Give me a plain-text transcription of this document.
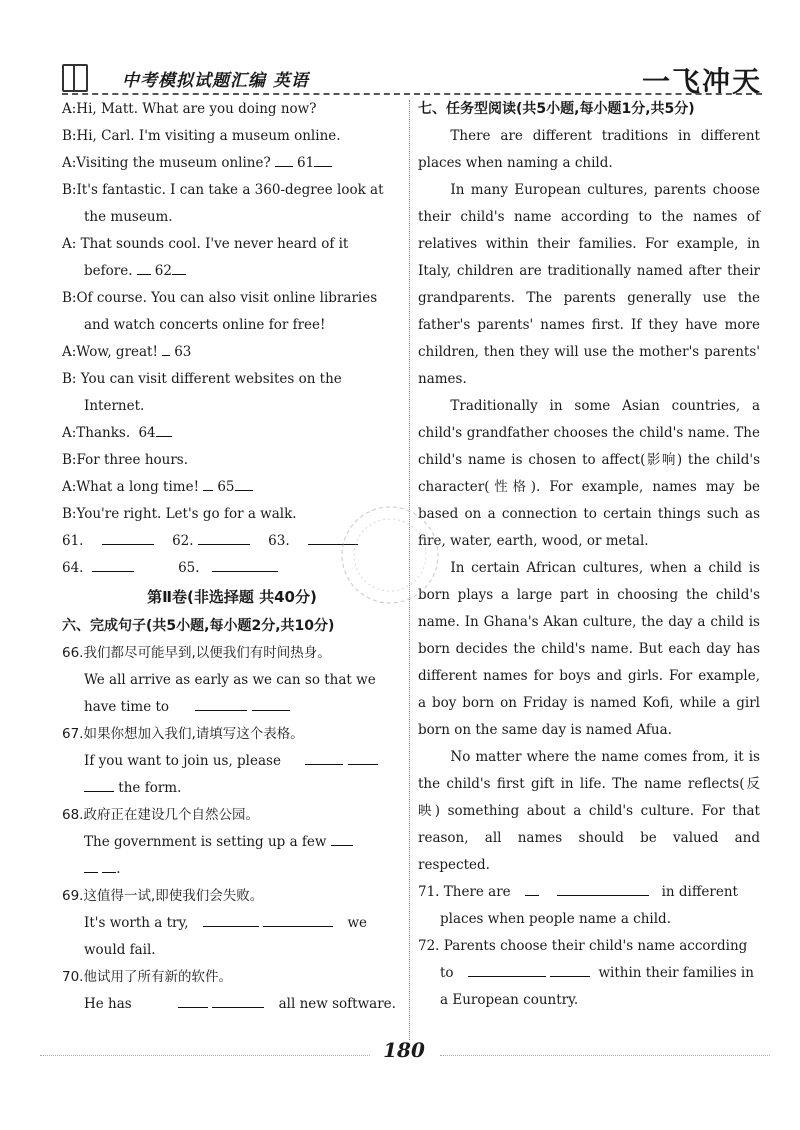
中考模拟试题汇编 英语	一飞冲天
A:Hi, Matt. What are you doing now?
B:Hi, Carl. I'm visiting a museum online.
A:Visiting the museum online? 61
B:It's fantastic. I can take a 360-degree look at
the museum.
A: That sounds cool. I've never heard of it
before. 62
B:Of course. You can also visit online libraries
and watch concerts online for free!
A:Wow, great! 63
B: You can visit different websites on the
Internet.
A:Thanks. 64
B:For three hours.
A:What a long time! 65
B:You're right. Let's go for a walk.
61.	62.	63.
64.	65.
第Ⅱ卷(非选择题 共40分)
六、完成句子(共5小题,每小题2分,共10分)
66.我们都尽可能早到,以便我们有时间热身。
We all arrive as early as we can so that we
have time to
67.如果你想加入我们,请填写这个表格。
If you want to join us, please
the form.
68.政府正在建设几个自然公园。
The government is setting up a few
.
69.这值得一试,即使我们会失败。
It's worth a try,	we
would fail.
70.他试用了所有新的软件。
He has	all new software.
七、任务型阅读(共5小题,每小题1分,共5分)
There are different traditions in different places when naming a child.
In many European cultures, parents choose their child's name according to the names of relatives within their families. For example, in Italy, children are traditionally named after their grandparents. The parents generally use the father's parents' names first. If they have more children, then they will use the mother's parents' names.
Traditionally in some Asian countries, a child's grandfather chooses the child's name. The child's name is chosen to affect(影响) the child's character(性格). For example, names may be based on a connection to certain things such as fire, water, earth, wood, or metal.
In certain African cultures, when a child is born plays a large part in choosing the child's name. In Ghana's Akan culture, the day a child is born decides the child's name. But each day has different names for boys and girls. For example, a boy born on Friday is named Kofi, while a girl born on the same day is named Afua.
No matter where the name comes from, it is the child's first gift in life. The name reflects(反映) something about a child's culture. For that reason, all names should be valued and respected.
71. There are	in different
places when people name a child.
72. Parents choose their child's name according
to	within their families in
a European country.
180
